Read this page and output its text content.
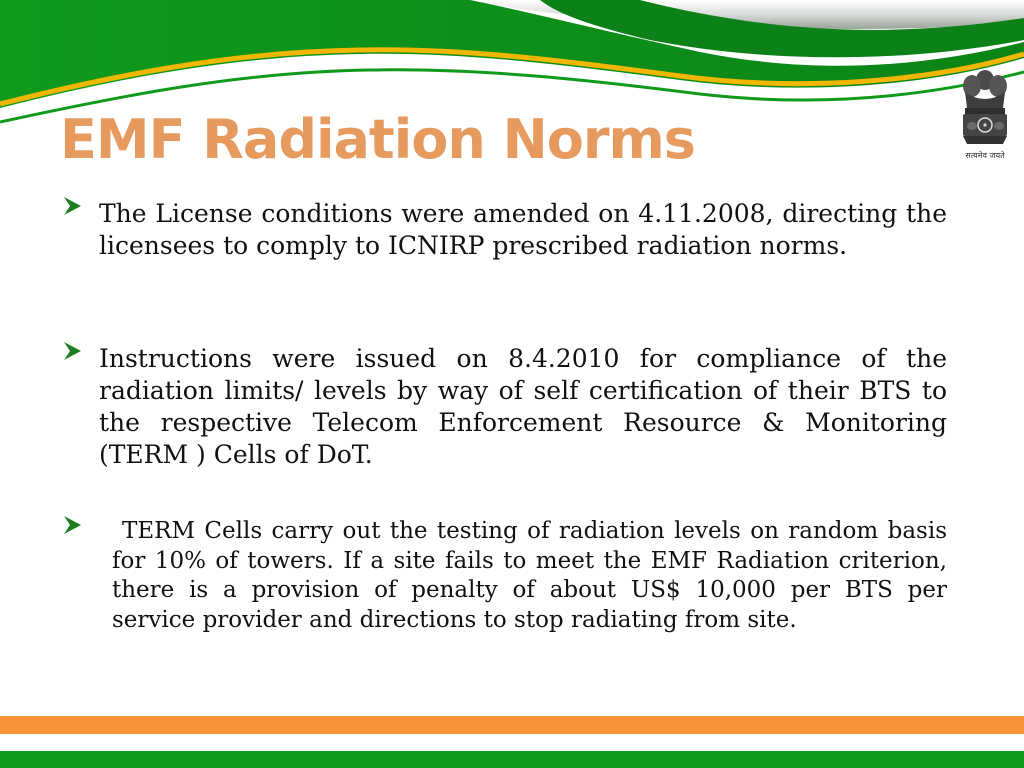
सत्यमेव जयते
EMF Radiation Norms

The License conditions were amended on 4.11.2008, directing the licensees to comply to ICNIRP prescribed radiation norms.

Instructions were issued on 8.4.2010 for compliance of the radiation limits/ levels by way of self certification of their BTS to the respective Telecom Enforcement Resource & Monitoring (TERM ) Cells of DoT.

TERM Cells carry out the testing of radiation levels on random basis for 10% of towers. If a site fails to meet the EMF Radiation criterion, there is a provision of penalty of about US$ 10,000 per BTS per service provider and directions to stop radiating from site.
